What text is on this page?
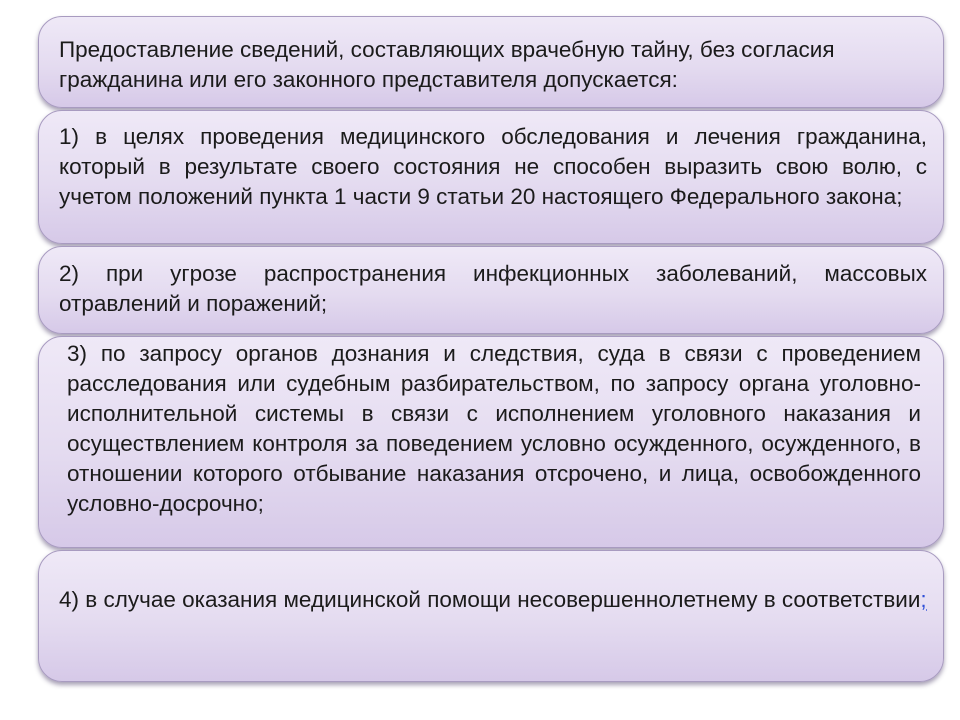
Предоставление сведений, составляющих врачебную тайну, без согласия гражданина или его законного представителя допускается:

1) в целях проведения медицинского обследования и лечения гражданина, который в результате своего состояния не способен выразить свою волю, с учетом положений пункта 1 части 9 статьи 20 настоящего Федерального закона;

2) при угрозе распространения инфекционных заболеваний, массовых отравлений и поражений;

3) по запросу органов дознания и следствия, суда в связи с проведением расследования или судебным разбирательством, по запросу органа уголовно-исполнительной системы в связи с исполнением уголовного наказания и осуществлением контроля за поведением условно осужденного, осужденного, в отношении которого отбывание наказания отсрочено, и лица, освобожденного условно-досрочно;

4) в случае оказания медицинской помощи несовершеннолетнему в соответствии;
